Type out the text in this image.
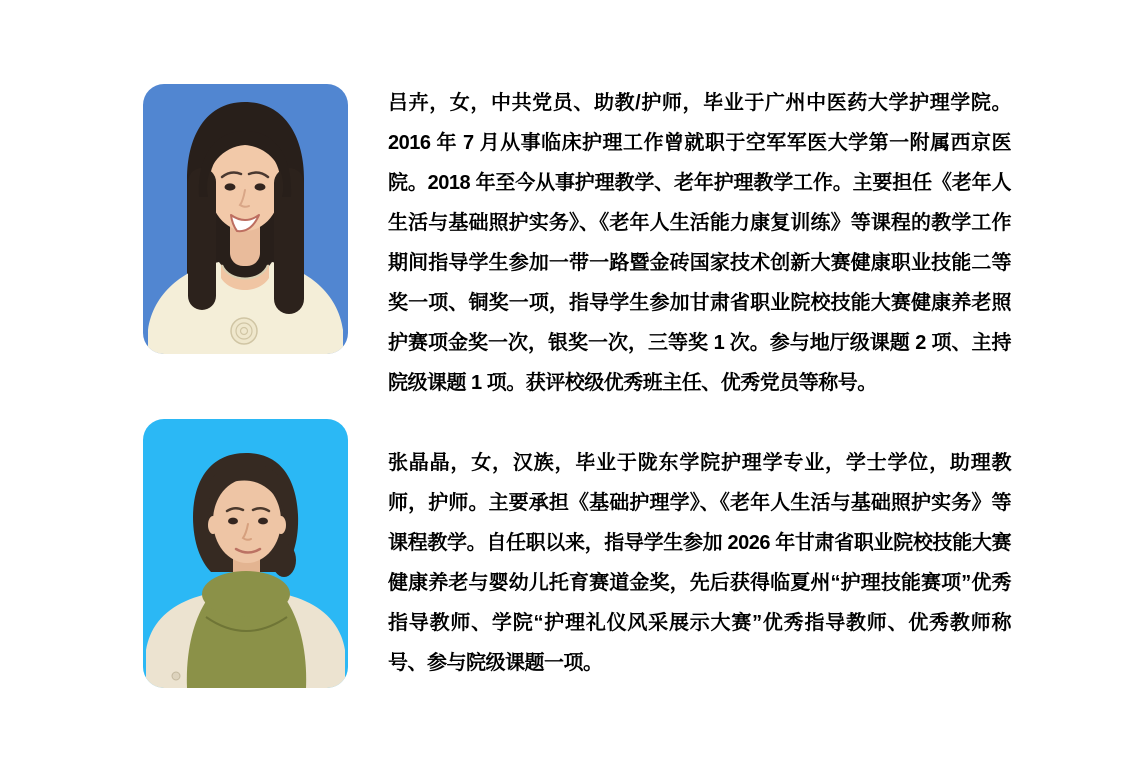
吕卉，女，中共党员、助教/护师，毕业于广州中医药大学护理学院。2016 年 7 月从事临床护理工作曾就职于空军军医大学第一附属西京医院。2018 年至今从事护理教学、老年护理教学工作。主要担任《老年人生活与基础照护实务》、《老年人生活能力康复训练》等课程的教学工作期间指导学生参加一带一路暨金砖国家技术创新大赛健康职业技能二等奖一项、铜奖一项，指导学生参加甘肃省职业院校技能大赛健康养老照护赛项金奖一次，银奖一次，三等奖 1 次。参与地厅级课题 2 项、主持院级课题 1 项。获评校级优秀班主任、优秀党员等称号。
张晶晶，女，汉族，毕业于陇东学院护理学专业，学士学位，助理教师，护师。主要承担《基础护理学》、《老年人生活与基础照护实务》等课程教学。自任职以来，指导学生参加 2026 年甘肃省职业院校技能大赛健康养老与婴幼儿托育赛道金奖，先后获得临夏州“护理技能赛项”优秀指导教师、学院“护理礼仪风采展示大赛”优秀指导教师、优秀教师称号、参与院级课题一项。
